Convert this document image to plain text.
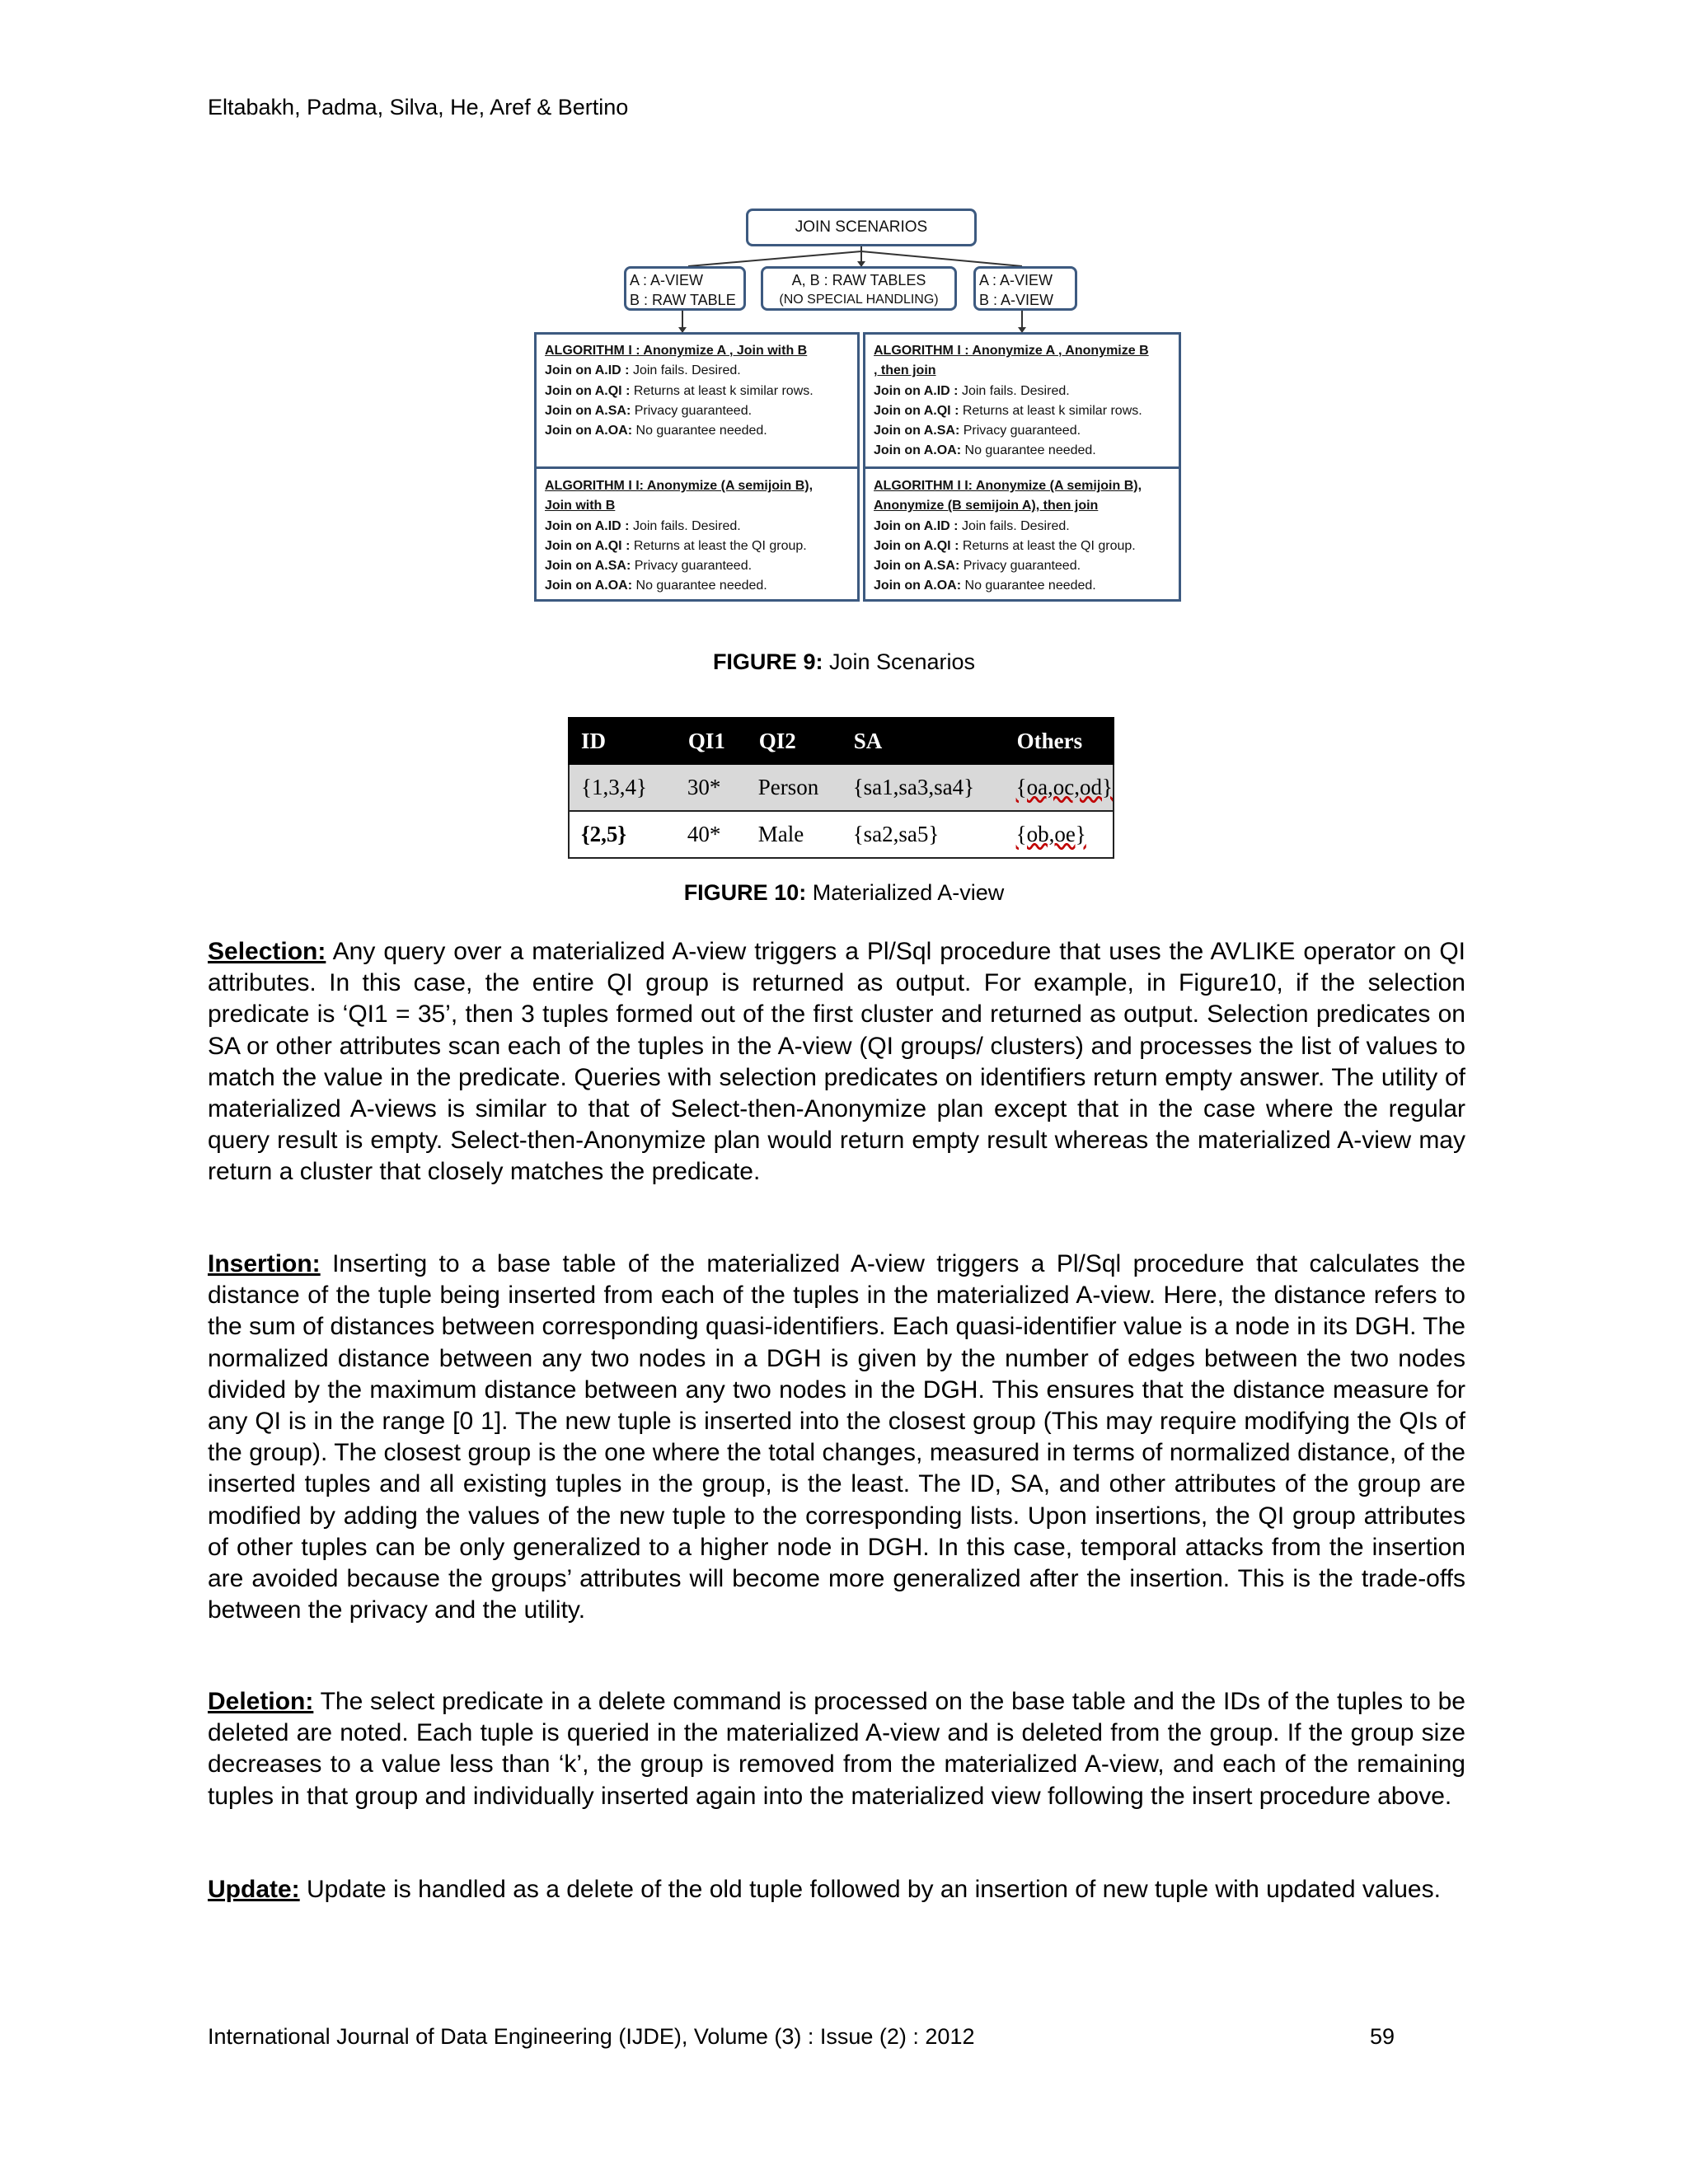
Eltabakh, Padma, Silva, He, Aref & Bertino
JOIN SCENARIOS
A : A-VIEW
B : RAW TABLE
A, B : RAW TABLES
(NO SPECIAL HANDLING)
A : A-VIEW
B : A-VIEW
ALGORITHM I : Anonymize A , Join with B
Join on A.ID : Join fails. Desired.
Join on A.QI : Returns at least k similar rows.
Join on A.SA: Privacy guaranteed.
Join on A.OA: No guarantee needed.
ALGORITHM I I: Anonymize (A semijoin B),
Join with B
Join on A.ID : Join fails. Desired.
Join on A.QI : Returns at least the QI group.
Join on A.SA: Privacy guaranteed.
Join on A.OA: No guarantee needed.
ALGORITHM I : Anonymize A , Anonymize B
, then join
Join on A.ID : Join fails. Desired.
Join on A.QI : Returns at least k similar rows.
Join on A.SA: Privacy guaranteed.
Join on A.OA: No guarantee needed.
ALGORITHM I I: Anonymize (A semijoin B),
Anonymize (B semijoin A), then join
Join on A.ID : Join fails. Desired.
Join on A.QI : Returns at least the QI group.
Join on A.SA: Privacy guaranteed.
Join on A.OA: No guarantee needed.
FIGURE 9: Join Scenarios
ID	QI1	QI2	SA	Others
{1,3,4}	30*	Person	{sa1,sa3,sa4}	{oa,oc,od}
{2,5}	40*	Male	{sa2,sa5}	{ob,oe}
FIGURE 10: Materialized A-view
Selection: Any query over a materialized A-view triggers a Pl/Sql procedure that uses the AVLIKE operator on QI attributes. In this case, the entire QI group is returned as output. For example, in Figure10, if the selection predicate is ‘QI1 = 35’, then 3 tuples formed out of the first cluster and returned as output. Selection predicates on SA or other attributes scan each of the tuples in the A-view (QI groups/ clusters) and processes the list of values to match the value in the predicate. Queries with selection predicates on identifiers return empty answer. The utility of materialized A-views is similar to that of Select-then-Anonymize plan except that in the case where the regular query result is empty. Select-then-Anonymize plan would return empty result whereas the materialized A-view may return a cluster that closely matches the predicate.
Insertion: Inserting to a base table of the materialized A-view triggers a Pl/Sql procedure that calculates the distance of the tuple being inserted from each of the tuples in the materialized A-view. Here, the distance refers to the sum of distances between corresponding quasi-identifiers. Each quasi-identifier value is a node in its DGH. The normalized distance between any two nodes in a DGH is given by the number of edges between the two nodes divided by the maximum distance between any two nodes in the DGH. This ensures that the distance measure for any QI is in the range [0 1]. The new tuple is inserted into the closest group (This may require modifying the QIs of the group). The closest group is the one where the total changes, measured in terms of normalized distance, of the inserted tuples and all existing tuples in the group, is the least. The ID, SA, and other attributes of the group are modified by adding the values of the new tuple to the corresponding lists. Upon insertions, the QI group attributes of other tuples can be only generalized to a higher node in DGH. In this case, temporal attacks from the insertion are avoided because the groups’ attributes will become more generalized after the insertion. This is the trade-offs between the privacy and the utility.
Deletion: The select predicate in a delete command is processed on the base table and the IDs of the tuples to be deleted are noted. Each tuple is queried in the materialized A-view and is deleted from the group. If the group size decreases to a value less than ‘k’, the group is removed from the materialized A-view, and each of the remaining tuples in that group and individually inserted again into the materialized view following the insert procedure above.
Update: Update is handled as a delete of the old tuple followed by an insertion of new tuple with updated values.
International Journal of Data Engineering (IJDE), Volume (3) : Issue (2) : 2012	59
